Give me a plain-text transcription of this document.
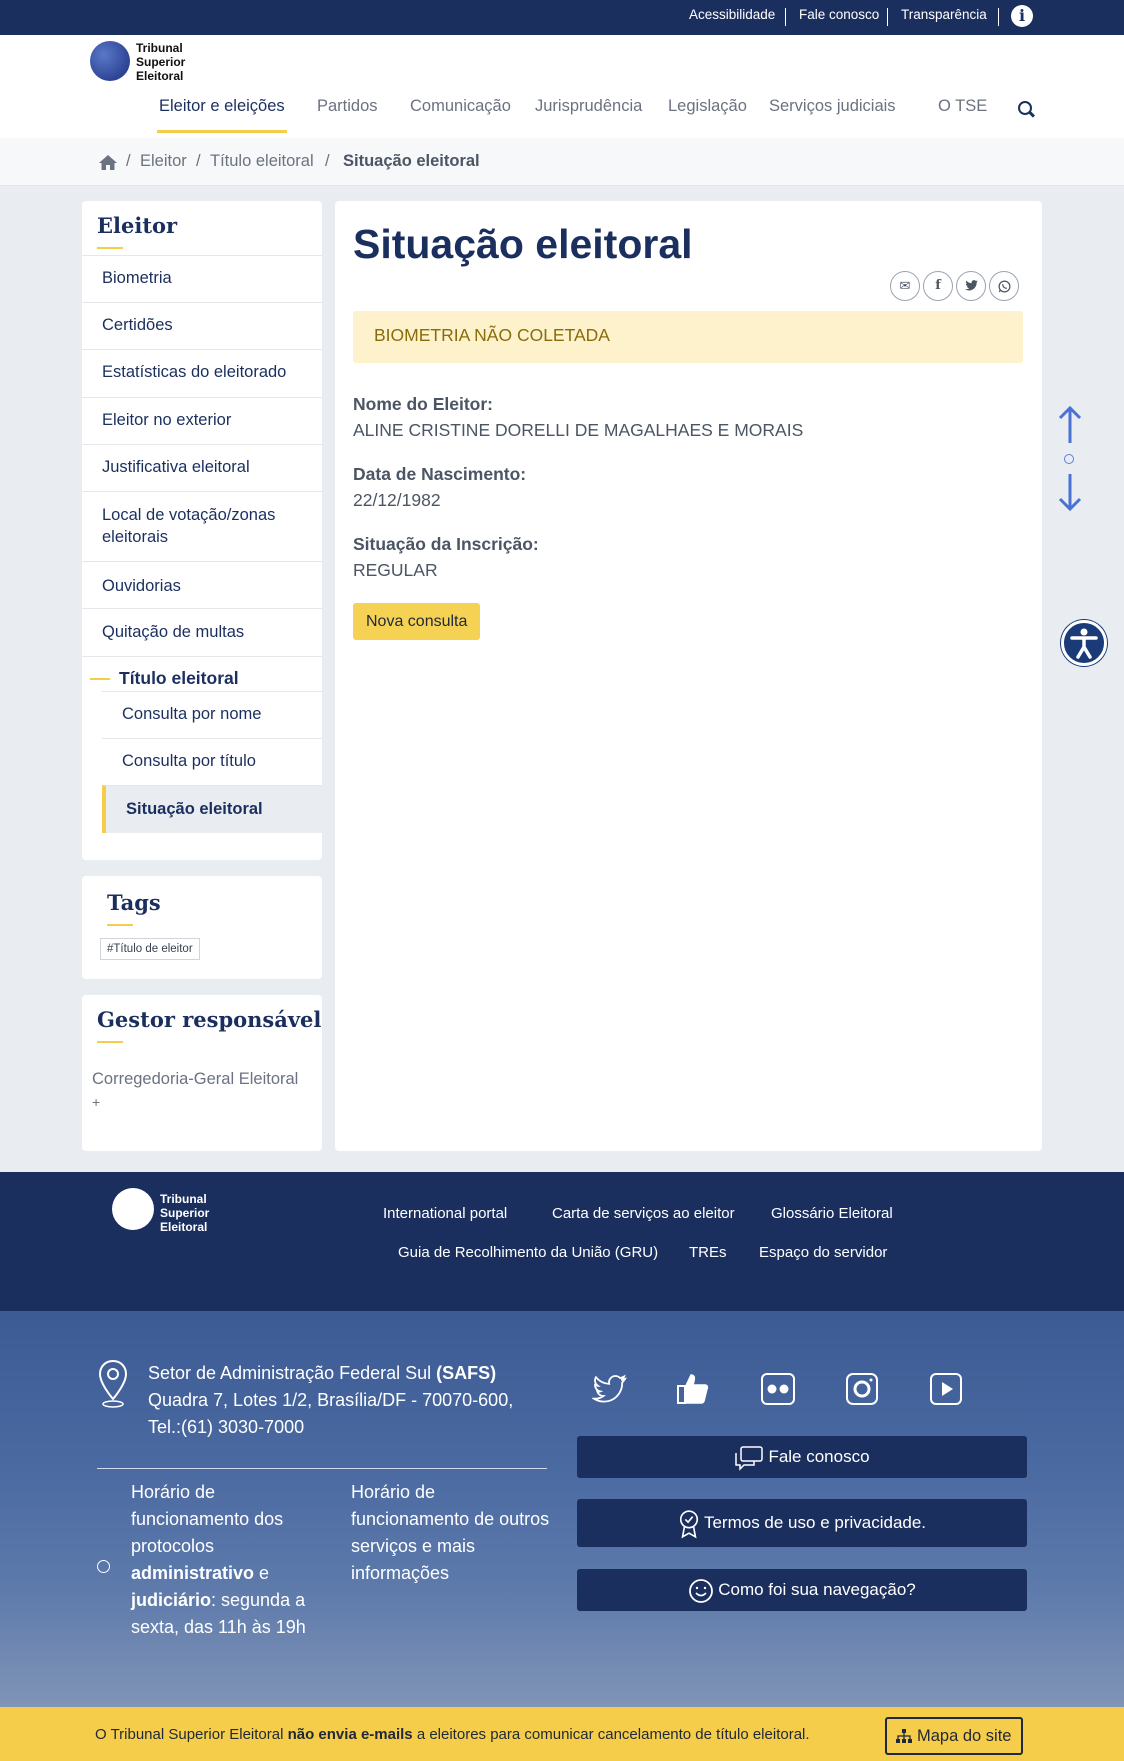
Acessibilidade Fale conosco Transparência	i
Tribunal
Superior
Eleitoral
Eleitor e eleições Partidos Comunicação Jurisprudência Legislação Serviços judiciais	O TSE
/ Eleitor / Título eleitoral / Situação eleitoral
Eleitor
Biometria
Certidões
Estatísticas do eleitorado
Eleitor no exterior
Justificativa eleitoral
Local de votação/zonas eleitorais
Ouvidorias
Quitação de multas
Título eleitoral
Consulta por nome
Consulta por título
Situação eleitoral
Tags
#Título de eleitor
Gestor responsável
Corregedoria-Geral Eleitoral
+
Situação eleitoral
✉	f
BIOMETRIA NÃO COLETADA
Nome do Eleitor:
ALINE CRISTINE DORELLI DE MAGALHAES E MORAIS
Data de Nascimento:
22/12/1982
Situação da Inscrição:
REGULAR
Nova consulta
Tribunal
Superior
Eleitoral
International portal	Carta de serviços ao eleitor Glossário Eleitoral
Guia de Recolhimento da União (GRU) TREs Espaço do servidor
Setor de Administração Federal Sul (SAFS)
Quadra 7, Lotes 1/2, Brasília/DF - 70070-600,
Tel.:(61) 3030-7000
Horário de funcionamento dos protocolos administrativo e judiciário: segunda a sexta, das 11h às 19h
Horário de funcionamento de outros serviços e mais informações
Fale conosco
Termos de uso e privacidade.
Como foi sua navegação?
O Tribunal Superior Eleitoral não envia e-mails a eleitores para comunicar cancelamento de título eleitoral.	Mapa do site
